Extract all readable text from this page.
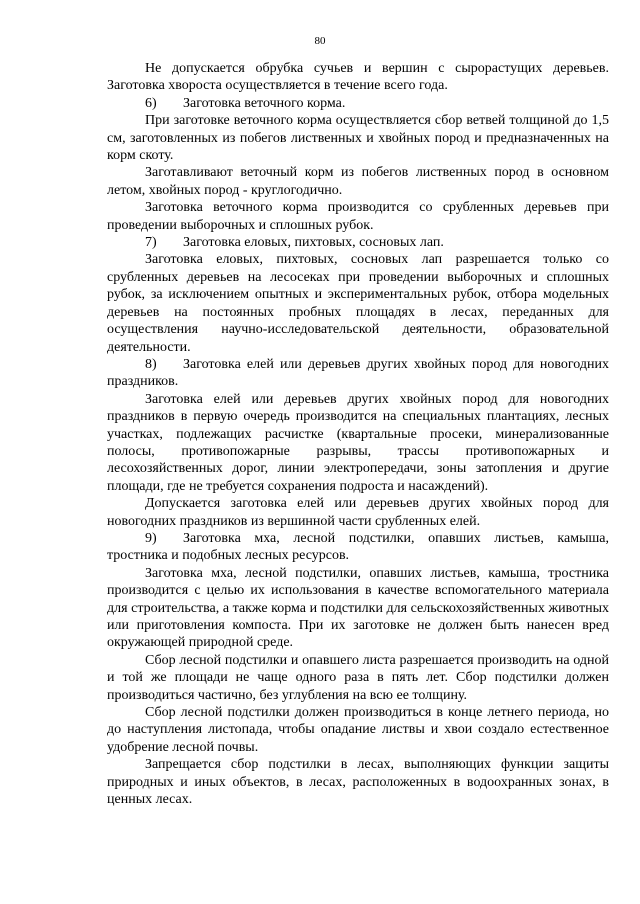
80

Не допускается обрубка сучьев и вершин с сырорастущих деревьев. Заготовка хвороста осуществляется в течение всего года.

6) Заготовка веточного корма.

При заготовке веточного корма осуществляется сбор ветвей толщиной до 1,5 см, заготовленных из побегов лиственных и хвойных пород и предназначенных на корм скоту.

Заготавливают веточный корм из побегов лиственных пород в основном летом, хвойных пород - круглогодично.

Заготовка веточного корма производится со срубленных деревьев при проведении выборочных и сплошных рубок.

7) Заготовка еловых, пихтовых, сосновых лап.

Заготовка еловых, пихтовых, сосновых лап разрешается только со срубленных деревьев на лесосеках при проведении выборочных и сплошных рубок, за исключением опытных и экспериментальных рубок, отбора модельных деревьев на постоянных пробных площадях в лесах, переданных для осуществления научно-исследовательской деятельности, образовательной деятельности.

8) Заготовка елей или деревьев других хвойных пород для новогодних праздников.

Заготовка елей или деревьев других хвойных пород для новогодних праздников в первую очередь производится на специальных плантациях, лесных участках, подлежащих расчистке (квартальные просеки, минерализованные полосы, противопожарные разрывы, трассы противопожарных и лесохозяйственных дорог, линии электропередачи, зоны затопления и другие площади, где не требуется сохранения подроста и насаждений).

Допускается заготовка елей или деревьев других хвойных пород для новогодних праздников из вершинной части срубленных елей.

9) Заготовка мха, лесной подстилки, опавших листьев, камыша, тростника и подобных лесных ресурсов.

Заготовка мха, лесной подстилки, опавших листьев, камыша, тростника производится с целью их использования в качестве вспомогательного материала для строительства, а также корма и подстилки для сельскохозяйственных животных или приготовления компоста. При их заготовке не должен быть нанесен вред окружающей природной среде.

Сбор лесной подстилки и опавшего листа разрешается производить на одной и той же площади не чаще одного раза в пять лет. Сбор подстилки должен производиться частично, без углубления на всю ее толщину.

Сбор лесной подстилки должен производиться в конце летнего периода, но до наступления листопада, чтобы опадание листвы и хвои создало естественное удобрение лесной почвы.

Запрещается сбор подстилки в лесах, выполняющих функции защиты природных и иных объектов, в лесах, расположенных в водоохранных зонах, в ценных лесах.
